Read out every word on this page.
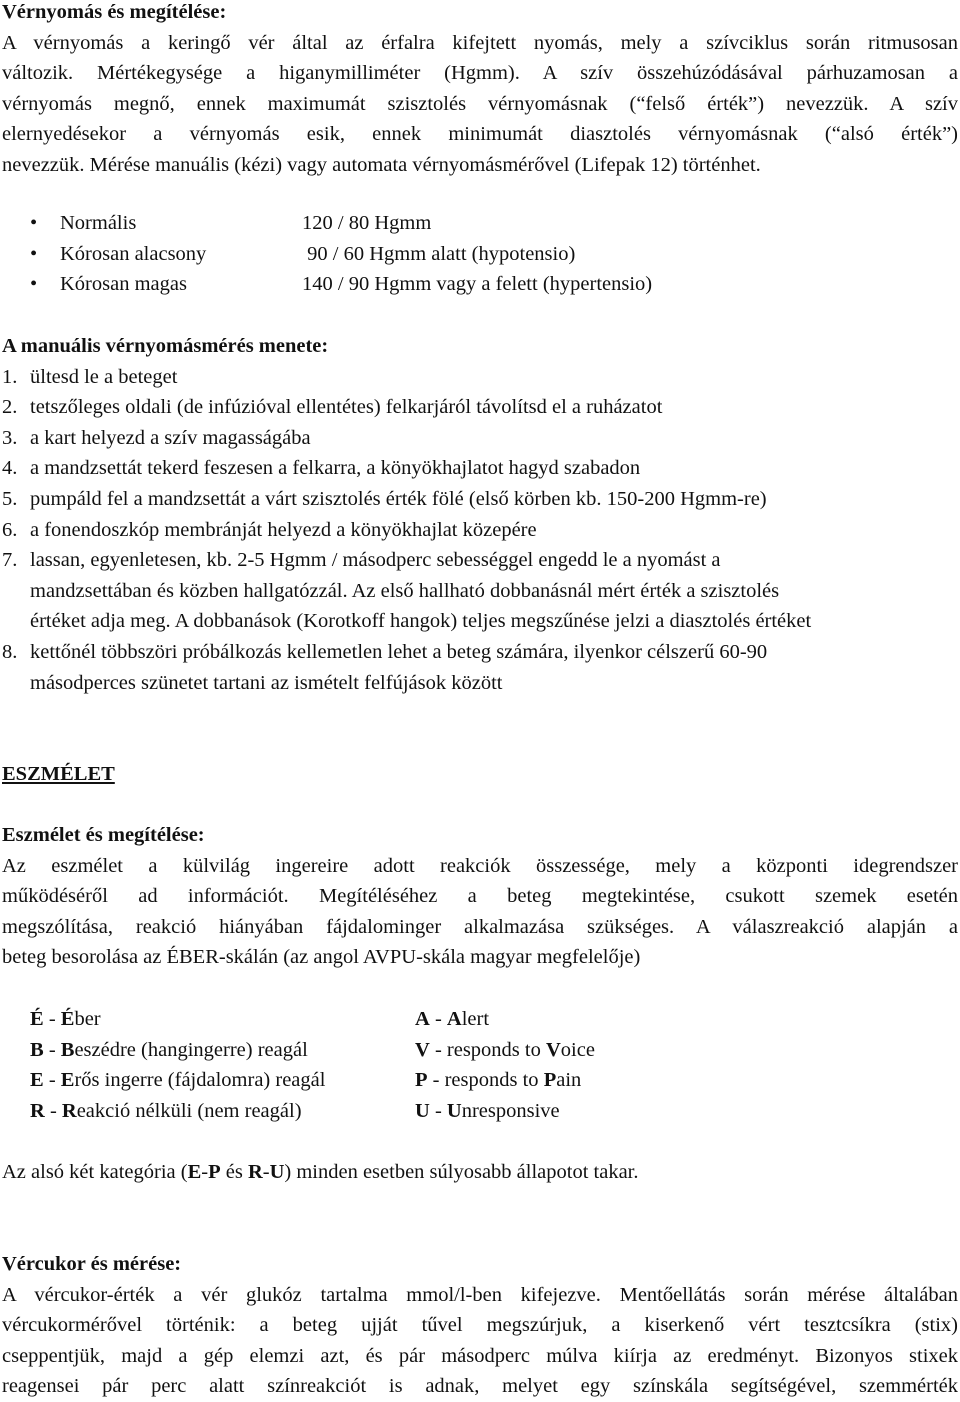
Vérnyomás és megítélése:
A vérnyomás a keringő vér által az érfalra kifejtett nyomás, mely a szívciklus során ritmusosan
változik. Mértékegysége a higanymilliméter (Hgmm). A szív összehúzódásával párhuzamosan a
vérnyomás megnő, ennek maximumát szisztolés vérnyomásnak (“felső érték”) nevezzük. A szív
elernyedésekor a vérnyomás esik, ennek minimumát diasztolés vérnyomásnak (“alsó érték”)
nevezzük. Mérése manuális (kézi) vagy automata vérnyomásmérővel (Lifepak 12) történhet.
•	Normális	120 / 80 Hgmm
•	Kórosan alacsony	90 / 60 Hgmm alatt (hypotensio)
•	Kórosan magas	140 / 90 Hgmm vagy a felett (hypertensio)
A manuális vérnyomásmérés menete:
1. ültesd le a beteget
2. tetszőleges oldali (de infúzióval ellentétes) felkarjáról távolítsd el a ruházatot
3. a kart helyezd a szív magasságába
4. a mandzsettát tekerd feszesen a felkarra, a könyökhajlatot hagyd szabadon
5. pumpáld fel a mandzsettát a várt szisztolés érték fölé (első körben kb. 150-200 Hgmm-re)
6. a fonendoszkóp membránját helyezd a könyökhajlat közepére
7. lassan, egyenletesen, kb. 2-5 Hgmm / másodperc sebességgel engedd le a nyomást a
mandzsettában és közben hallgatózzál. Az első hallható dobbanásnál mért érték a szisztolés
értéket adja meg. A dobbanások (Korotkoff hangok) teljes megszűnése jelzi a diasztolés értéket
8. kettőnél többszöri próbálkozás kellemetlen lehet a beteg számára, ilyenkor célszerű 60-90
másodperces szünetet tartani az ismételt felfújások között
ESZMÉLET
Eszmélet és megítélése:
Az eszmélet a külvilág ingereire adott reakciók összessége, mely a központi idegrendszer
működéséről ad információt. Megítéléséhez a beteg megtekintése, csukott szemek esetén
megszólítása, reakció hiányában fájdalominger alkalmazása szükséges. A válaszreakció alapján a
beteg besorolása az ÉBER-skálán (az angol AVPU-skála magyar megfelelője)
É - Éber	A - Alert
B - Beszédre (hangingerre) reagál	V - responds to Voice
E - Erős ingerre (fájdalomra) reagál	P - responds to Pain
R - Reakció nélküli (nem reagál)	U - Unresponsive
Az alsó két kategória (E-P és R-U) minden esetben súlyosabb állapotot takar.
Vércukor és mérése:
A vércukor-érték a vér glukóz tartalma mmol/l-ben kifejezve. Mentőellátás során mérése általában
vércukormérővel történik: a beteg ujját tűvel megszúrjuk, a kiserkenő vért tesztcsíkra (stix)
cseppentjük, majd a gép elemzi azt, és pár másodperc múlva kiírja az eredményt. Bizonyos stixek
reagensei pár perc alatt színreakciót is adnak, melyet egy színskála segítségével, szemmérték
